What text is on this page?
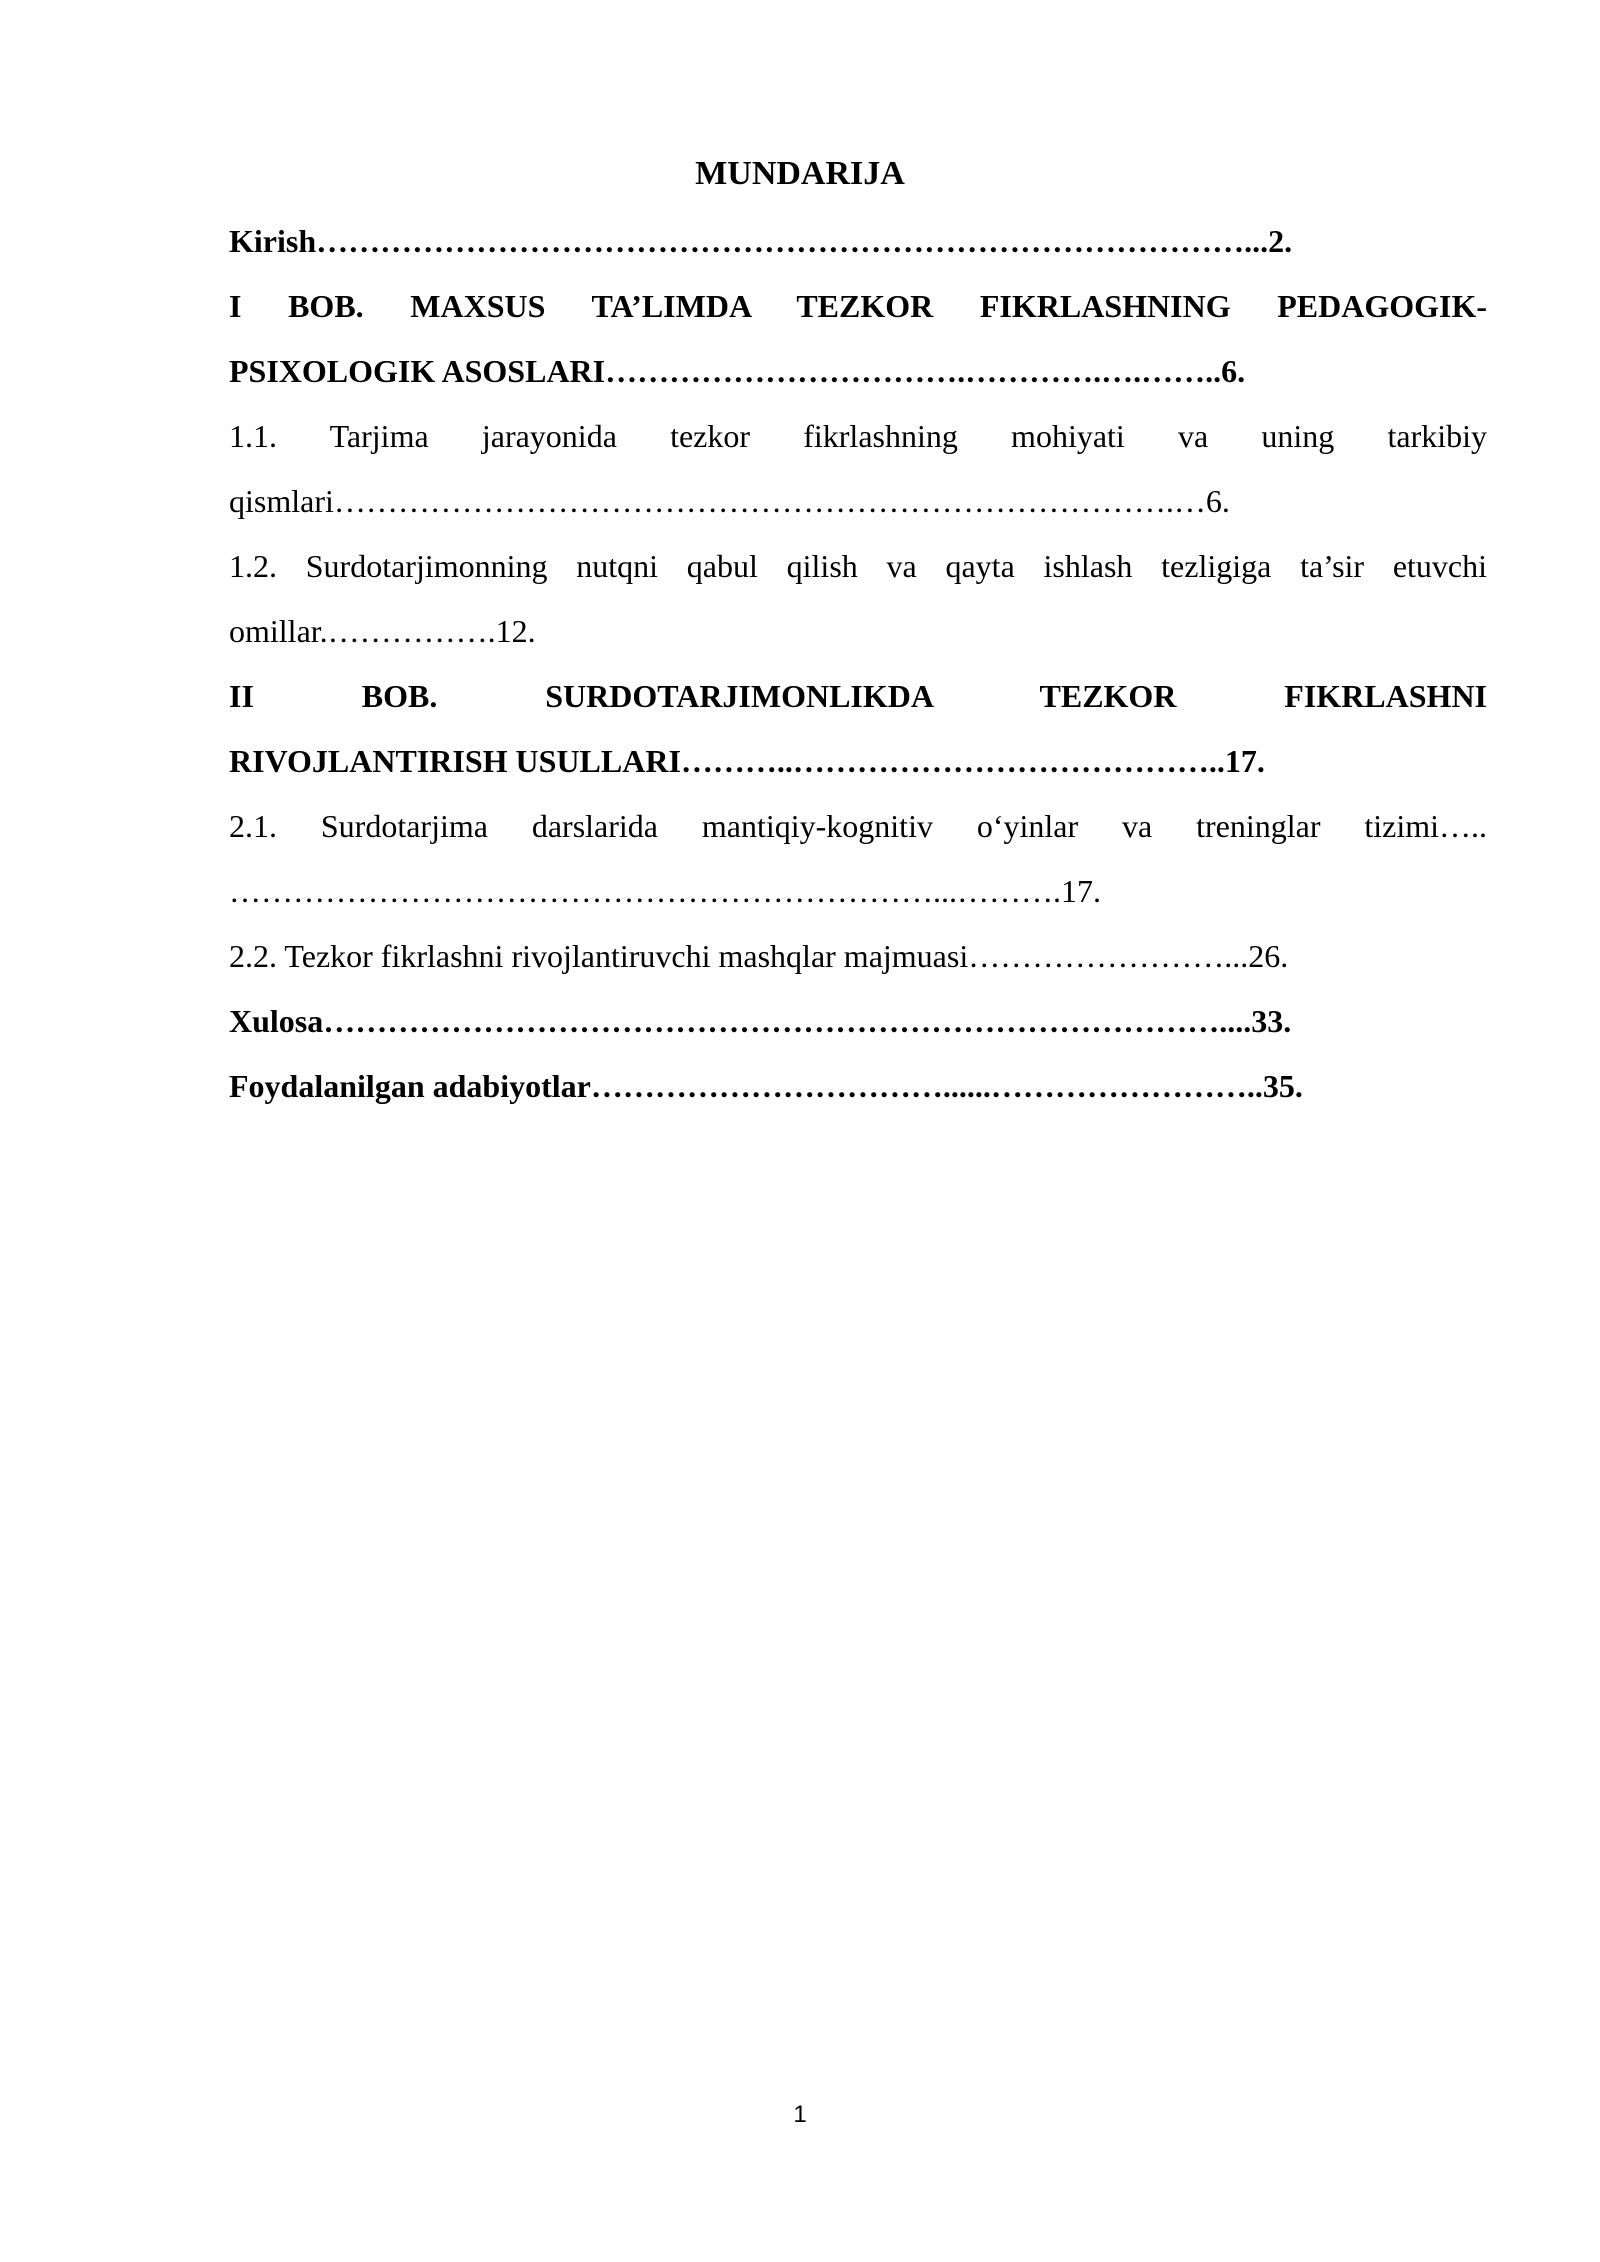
MUNDARIJA

Kirish……………………………………………………………………………...2.

I BOB. MAXSUS TA’LIMDA TEZKOR FIKRLASHNING PEDAGOGIK-

PSIXOLOGIK ASOSLARI…………………………….………….….……..6.

1.1. Tarjima jarayonida tezkor fikrlashning mohiyati va uning tarkibiy

qismlari…………………………………………………………………….…6.

1.2. Surdotarjimonning nutqni qabul qilish va qayta ishlash tezligiga ta’sir etuvchi

omillar.…………….12.

II BOB. SURDOTARJIMONLIKDA TEZKOR FIKRLASHNI

RIVOJLANTIRISH USULLARI………..…………………………………..17.

2.1. Surdotarjima darslarida mantiqiy-kognitiv o‘yinlar va treninglar tizimi…..

…………………………………………………………...……….17.

2.2. Tezkor fikrlashni rivojlantiruvchi mashqlar majmuasi……………………...26.

Xulosa…………………………………………………………………………....33.

Foydalanilgan adabiyotlar……………………………......……………………..35.

1
